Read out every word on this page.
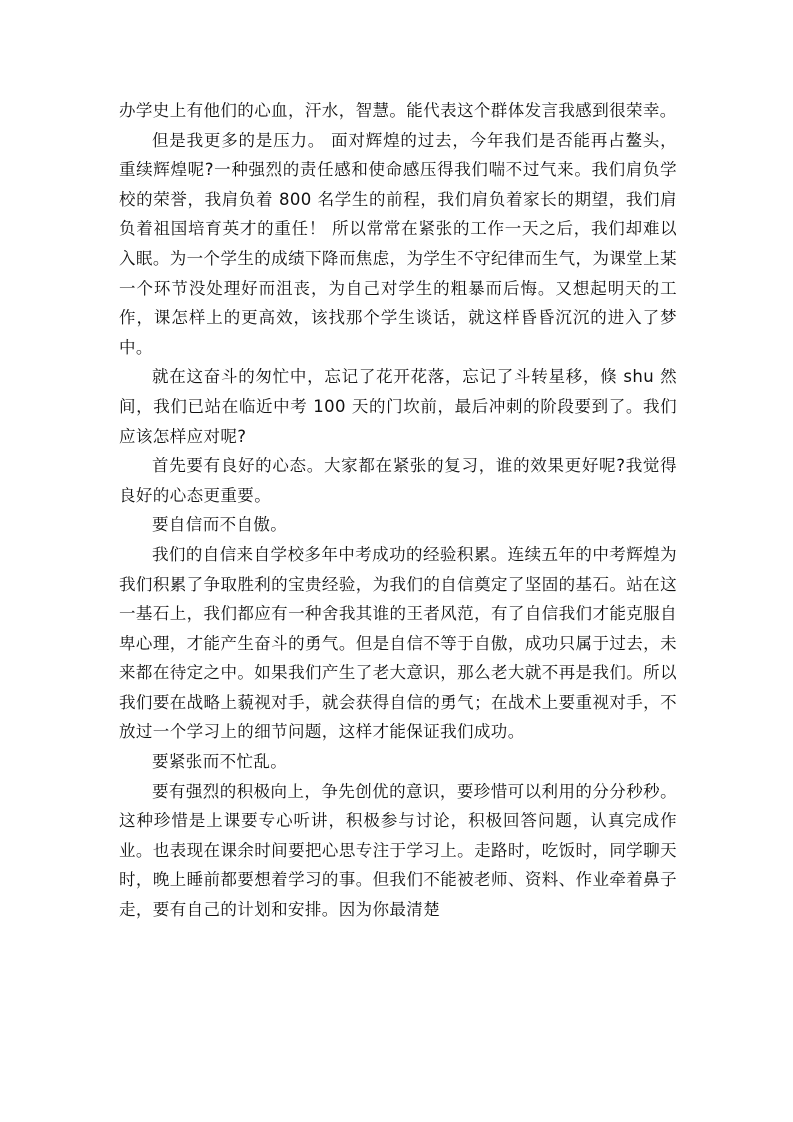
办学史上有他们的心血，汗水，智慧。能代表这个群体发言我感到很荣幸。

但是我更多的是压力。 面对辉煌的过去，今年我们是否能再占鳌头，重续辉煌呢?一种强烈的责任感和使命感压得我们喘不过气来。我们肩负学校的荣誉，我肩负着 800 名学生的前程，我们肩负着家长的期望，我们肩负着祖国培育英才的重任！ 所以常常在紧张的工作一天之后，我们却难以入眠。为一个学生的成绩下降而焦虑，为学生不守纪律而生气，为课堂上某一个环节没处理好而沮丧，为自己对学生的粗暴而后悔。又想起明天的工作，课怎样上的更高效，该找那个学生谈话，就这样昏昏沉沉的进入了梦中。

就在这奋斗的匆忙中，忘记了花开花落，忘记了斗转星移，倏 shu 然间，我们已站在临近中考 100 天的门坎前，最后冲刺的阶段要到了。我们应该怎样应对呢?

首先要有良好的心态。大家都在紧张的复习，谁的效果更好呢?我觉得良好的心态更重要。

要自信而不自傲。

我们的自信来自学校多年中考成功的经验积累。连续五年的中考辉煌为我们积累了争取胜利的宝贵经验，为我们的自信奠定了坚固的基石。站在这一基石上，我们都应有一种舍我其谁的王者风范，有了自信我们才能克服自卑心理，才能产生奋斗的勇气。但是自信不等于自傲，成功只属于过去，未来都在待定之中。如果我们产生了老大意识，那么老大就不再是我们。所以我们要在战略上藐视对手，就会获得自信的勇气；在战术上要重视对手，不放过一个学习上的细节问题，这样才能保证我们成功。

要紧张而不忙乱。

要有强烈的积极向上，争先创优的意识，要珍惜可以利用的分分秒秒。这种珍惜是上课要专心听讲，积极参与讨论，积极回答问题，认真完成作业。也表现在课余时间要把心思专注于学习上。走路时，吃饭时，同学聊天时，晚上睡前都要想着学习的事。但我们不能被老师、资料、作业牵着鼻子走，要有自己的计划和安排。因为你最清楚
